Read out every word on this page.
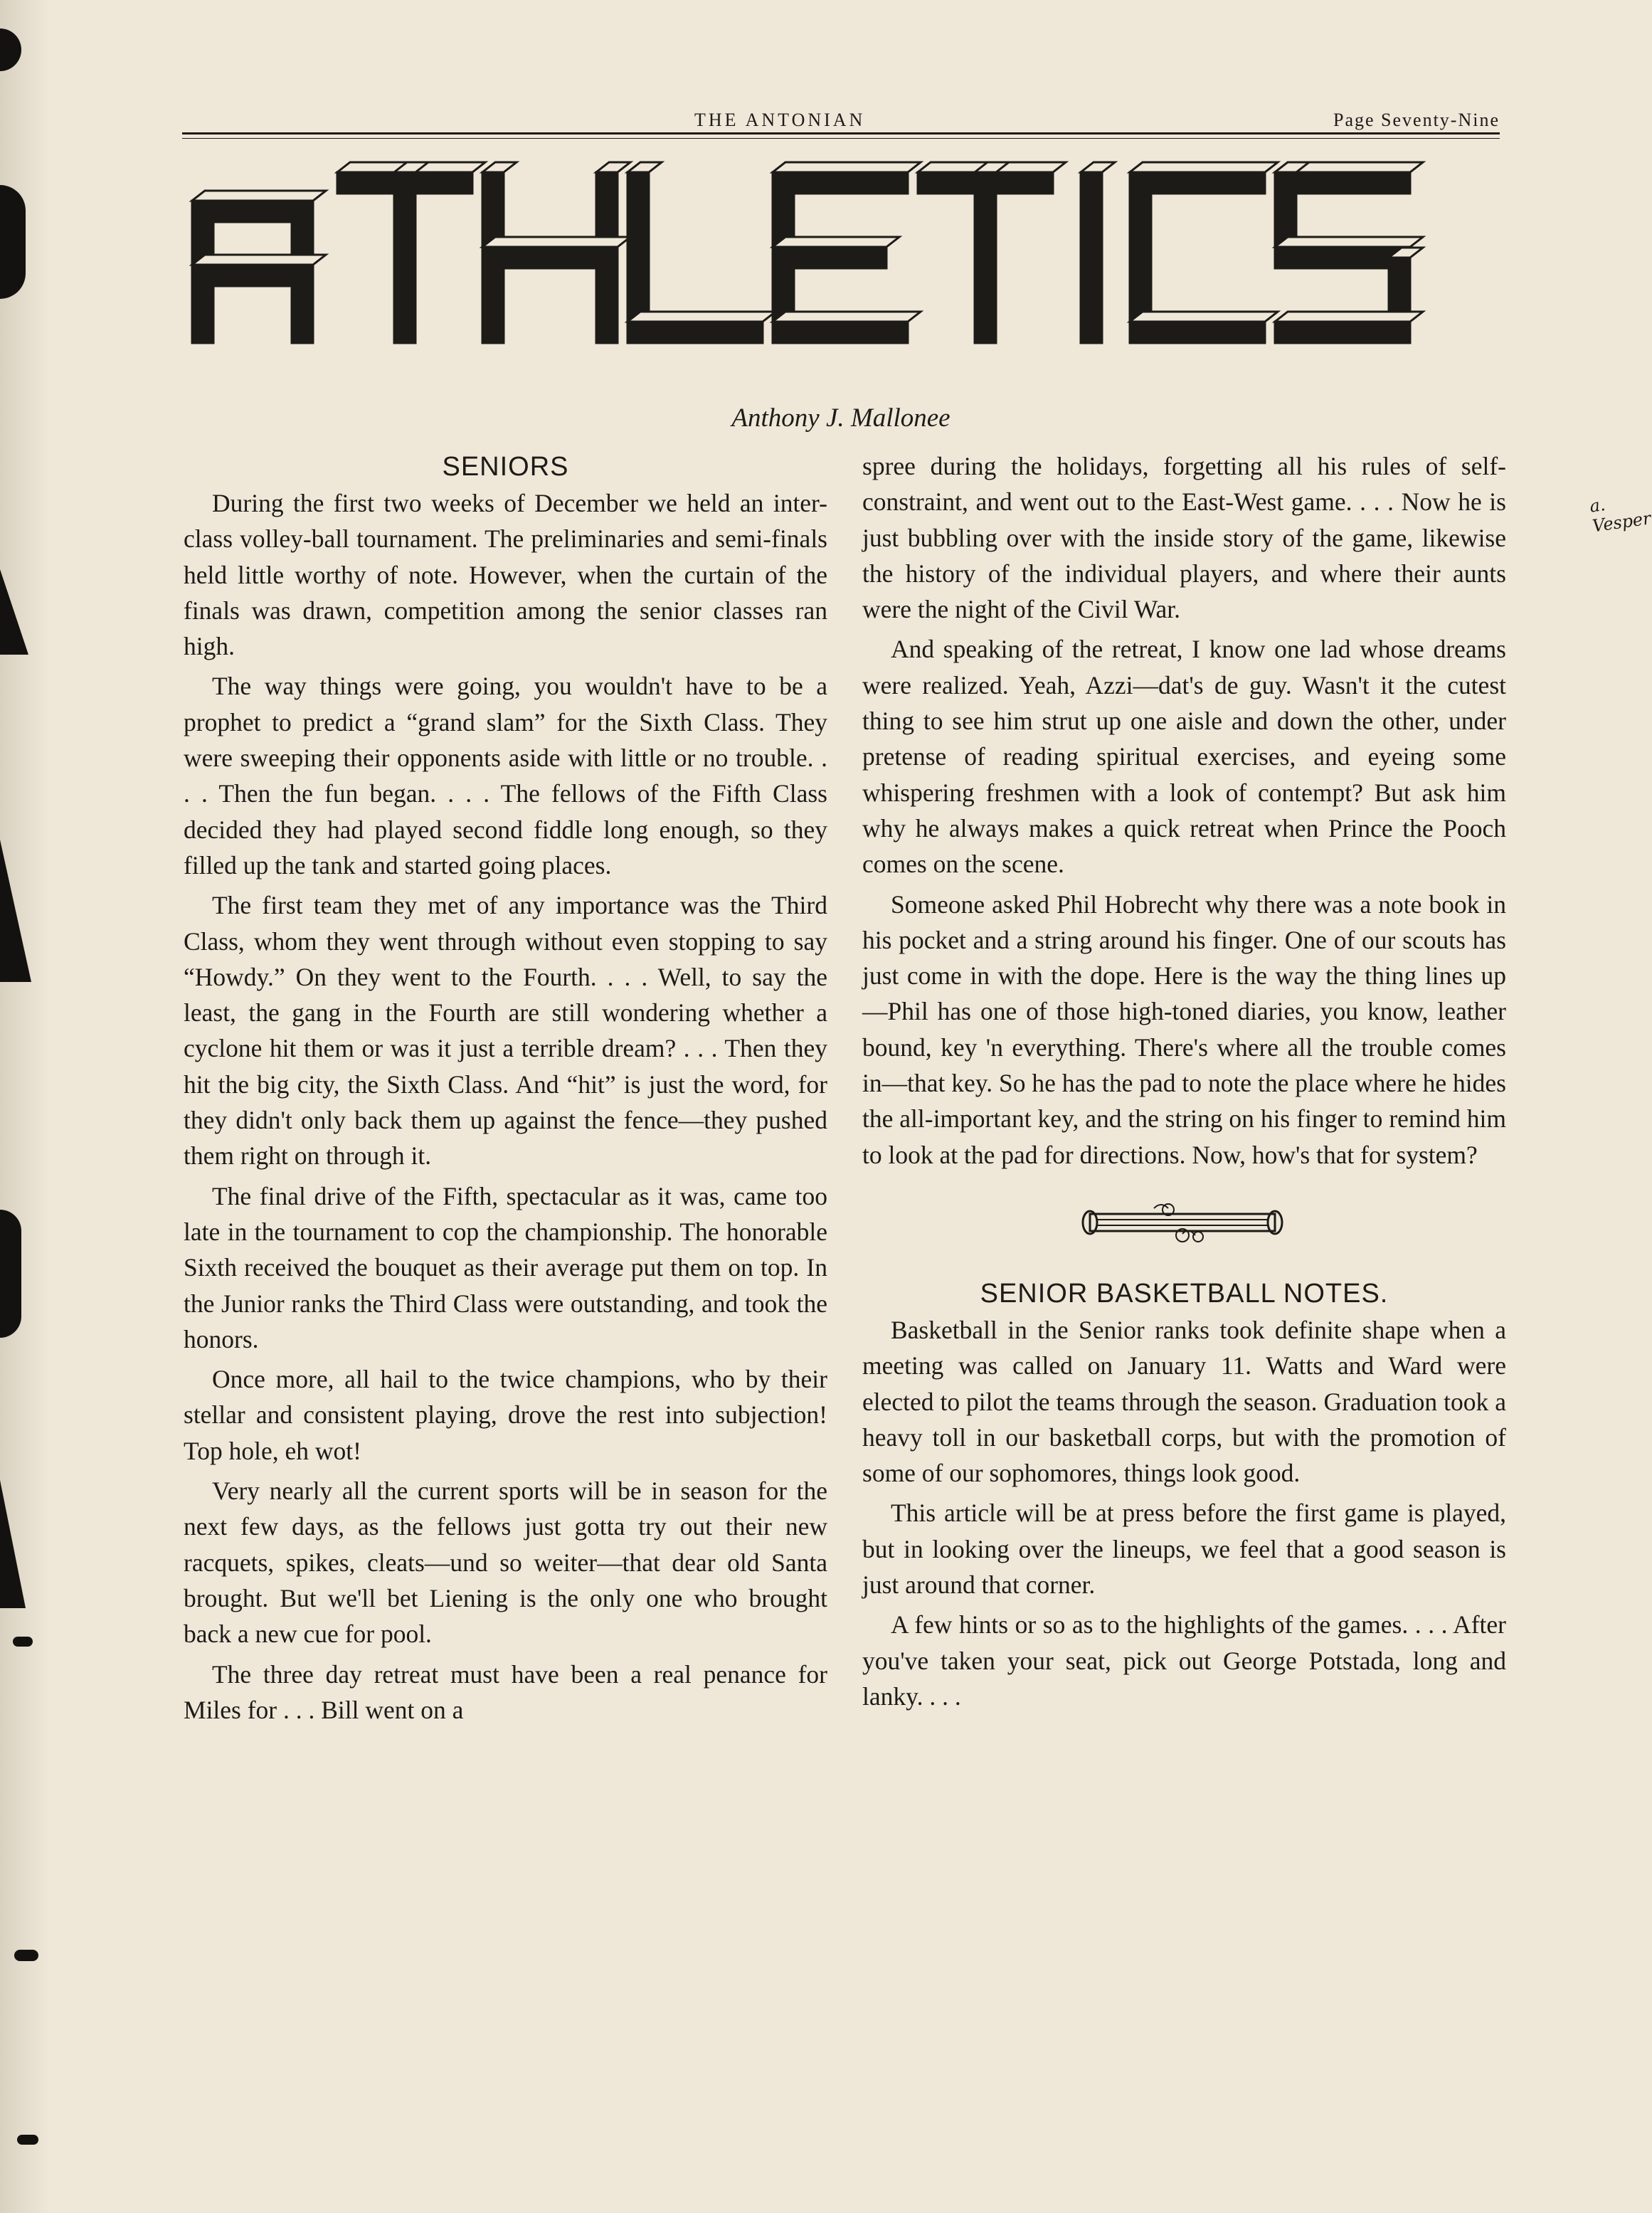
THE ANTONIAN	Page Seventy-Nine
a. Vesper
Anthony J. Mallonee
SENIORS

During the first two weeks of December we held an inter-class volley-ball tournament. The preliminaries and semi-finals held little worthy of note. However, when the curtain of the finals was drawn, competition among the senior classes ran high.

The way things were going, you wouldn't have to be a prophet to predict a “grand slam” for the Sixth Class. They were sweeping their opponents aside with little or no trouble. . . . Then the fun began. . . . The fellows of the Fifth Class decided they had played second fiddle long enough, so they filled up the tank and started going places.

The first team they met of any importance was the Third Class, whom they went through without even stopping to say “Howdy.” On they went to the Fourth. . . . Well, to say the least, the gang in the Fourth are still wondering whether a cyclone hit them or was it just a terrible dream? . . . Then they hit the big city, the Sixth Class. And “hit” is just the word, for they didn't only back them up against the fence—they pushed them right on through it.

The final drive of the Fifth, spectacular as it was, came too late in the tournament to cop the championship. The honorable Sixth received the bouquet as their average put them on top. In the Junior ranks the Third Class were outstanding, and took the honors.

Once more, all hail to the twice champions, who by their stellar and consistent playing, drove the rest into subjection! Top hole, eh wot!

Very nearly all the current sports will be in season for the next few days, as the fellows just gotta try out their new racquets, spikes, cleats—und so weiter—that dear old Santa brought. But we'll bet Liening is the only one who brought back a new cue for pool.

The three day retreat must have been a real penance for Miles for . . . Bill went on a

spree during the holidays, forgetting all his rules of self-constraint, and went out to the East-West game. . . . Now he is just bubbling over with the inside story of the game, likewise the history of the individual players, and where their aunts were the night of the Civil War.

And speaking of the retreat, I know one lad whose dreams were realized. Yeah, Azzi—dat's de guy. Wasn't it the cutest thing to see him strut up one aisle and down the other, under pretense of reading spiritual exercises, and eyeing some whispering freshmen with a look of contempt? But ask him why he always makes a quick retreat when Prince the Pooch comes on the scene.

Someone asked Phil Hobrecht why there was a note book in his pocket and a string around his finger. One of our scouts has just come in with the dope. Here is the way the thing lines up—Phil has one of those high-toned diaries, you know, leather bound, key 'n everything. There's where all the trouble comes in—that key. So he has the pad to note the place where he hides the all-important key, and the string on his finger to remind him to look at the pad for directions. Now, how's that for system?

SENIOR BASKETBALL NOTES.

Basketball in the Senior ranks took definite shape when a meeting was called on January 11. Watts and Ward were elected to pilot the teams through the season. Graduation took a heavy toll in our basketball corps, but with the promotion of some of our sophomores, things look good.

This article will be at press before the first game is played, but in looking over the lineups, we feel that a good season is just around that corner.

A few hints or so as to the highlights of the games. . . . After you've taken your seat, pick out George Potstada, long and lanky. . . .
